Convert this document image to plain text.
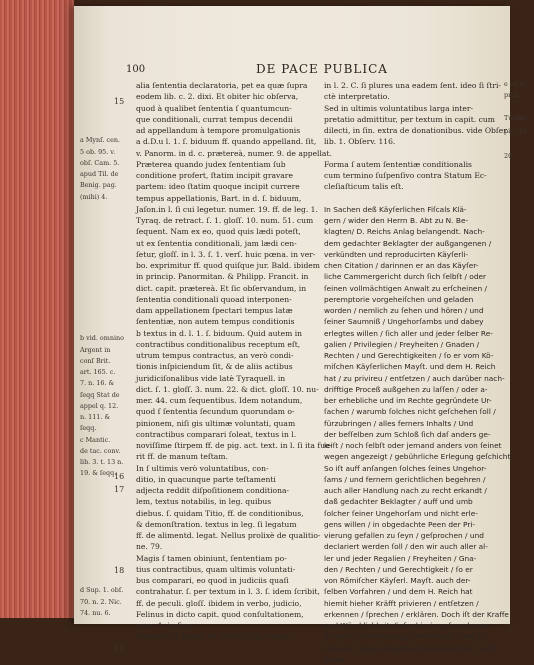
100	DE PACE PUBLICA
alia ſententia declaratoria, pet ea quæ ſupra
eodem lib. c. 2. dixi. Et obiter hic obſerva,
quod à qualibet ſententia ſ quantumcun-
que conditionali, currat tempus decendii
ad appellandum à tempore promulgationis
a d.D.u l. 1. ſ. biduum ff. quando appelland. ſit,
v. Panorm. in d. c. prætereà, numer. 9. de appellat.
Præterea quando judex ſententiam ſub
conditione profert, ſtatim incipit gravare
partem: ideo ſtatim quoque incipit currere
tempus appellationis, Bart. in d. ſ. biduum,
Jaſon.in l. ſi cui legetur. numer. 19. ff. de leg. 1.
Tyraq. de retract. ſ. 1. gloſſ. 10. num. 51. cum
ſequent. Nam ex eo, quod quis lædi poteſt,
ut ex ſententia conditionali, jam lædi cen-
ſetur, gloſſ. in l. 3. ſ. 1. verſ. huic pœna. in ver-
bo. exprimitur ff. quod quiſque jur. Bald. ibidem
in princip. Panormitan. & Philipp. Francit. in
dict. capit. prætereà. Et ſic obſervandum, in
ſententia conditionali quoad interponen-
dam appellationem ſpectari tempus latæ
ſententiæ, non autem tempus conditionis
b textus in d. l. 1. ſ. biduum. Quid autem in
contractibus conditionalibus receptum eſt,
utrum tempus contractus, an verò condi-
tionis inſpiciendum ſit, & de aliis actibus
juridiciſonalibus vide latè Tyraquell. in
dict. ſ. 1. gloſſ. 3. num. 22. & dict. gloſſ. 10. nu-
mer. 44. cum ſequentibus. Idem notandum,
quod ſ ſententia ſecundum quorundam o-
pinionem, niſi gis ultimæ voluntati, quam
contractibus comparari ſoleat, textus in l.
noviſſime ſtirpem ff. de pig. act. text. in l. ſi ita fue-
rit ff. de manum teſtam.
In ſ ultimis verò voluntatibus, con-
ditio, in quacunque parte teſtamenti
adjecta reddit diſpoſitionem conditiona-
lem, textus notabilis, in leg. quibus
diebus. ſ. quidam Titio, ff. de conditionibus,
& demonſtration. textus in leg. ſi legatum
ff. de alimentd. legat. Nellus prolixè de qualitio-
ne. 79.
Magis ſ tamen obiniunt, ſententiam po-
tius contractibus, quam ultimis voluntati-
bus comparari, eo quod in judiciis quaſi
contrahatur. ſ. per textum in l. 3. ſ. idem ſcribit,
ff. de peculi. gloſſ. ibidem in verbo, judicio,
Felinus in dicto capit. quod conſultationem,
num. 1. in fine.
Sententia ſ autem eſt ſtricti juris, textus
in l. 2. C. ſi plures una eadem ſent. ideo ſi ſtri-
ctè interpretatio.
Sed in ultimis voluntatibus larga inter-
pretatio admittitur, per textum in capit. cum
dilecti, in ſin. extra de donationibus. vide Obſer.
lib. 1. Obſerv. 116.
Forma ſ autem ſententiæ conditionalis
cum termino ſuſpenſivo contra Statum Ec-
cleſiaſticum talis eſt.
In Sachen deß Käyſerlichen Fiſcals Klä-
gern / wider den Herrn B. Abt zu N. Be-
klagten/ D. Reichs Anlag belangendt. Nach-
dem gedachter Beklagter der außgangenen /
verkündten und reproducirten Käyſerli-
chen Citation / darinnen er an das Käyſer-
liche Cammergericht durch ſich ſelbſt / oder
ſeinen vollmächtigen Anwalt zu erſcheinen /
peremptorie vorgeheiſchen und geladen
worden / nemlich zu ſehen und hören / und
ſeiner Saumniß / Ungehorſambs und dabey
erlegtes willen / ſich aller und jeder ſelber Re-
galien / Privilegien / Freyheiten / Gnaden /
Rechten / und Gerechtigkeiten / ſo er vom Kö-
miſchen Käyſerlichen Mayſt. und dem H. Reich
hat / zu privireu / entſetzen / auch darüber nach-
drifftige Proceß außgehen zu laſſen / oder a-
ber erhebliche und im Rechte gegründete Ur-
ſachen / warumb ſolches nicht geſchehen ſoll /
fürzubringen / alles ferners Inhalts / Und
der beſſelben zum Schloß ſich daſ anders ge-
leiſt / noch ſelbſt oder jemand anders von ſeinet
wegen angezeigt / gebührliche Erlegung geſchicht:
So iſt auff anſangen ſolches ſeines Ungehor-
ſams / und fernern gerichtlichen begehren /
auch aller Handlung nach zu recht erkandt /
daß gedachter Beklagter / auff und umb
ſolcher ſeiner Ungehorſam und nicht erle-
gens willen / in obgedachte Peen der Pri-
vierung gefallen zu ſeyn / geſprochen / und
declariert werden ſoll / den wir auch aller al-
ler und jeder Regalien / Freyheiten / Gna-
den / Rechten / und Gerechtigkeit / ſo er
von Römiſcher Käyſerl. Mayſt. auch der-
ſelben Vorfahren / und dem H. Reich hat
hiemit hieher Kräfft privieren / entſetzen /
erkennen / ſprechen / erklären. Doch iſt der Kraffe
und Würcklichkeit dieſer hierin geſprochener
Privation / Entſetzung / Erkendtnuß / und Er-
klärung / gegen obgedachten Beklagten / auff
ſechs
a Mynſ. cen.
5 ob. 95. v.
obſ. Cam. 5.
apud Til. de
Benig. pag.
(mihi) 4.
b vid. omnino
Argent in
conſ Brit.
art. 165. c.
7. n. 16. &
ſeqq Stat de
appel q. 12.
n. 111. &
ſeqq.
c Mantic.
de tac. conv.
lib. 3. t. 13 n.
19. & ſeqq.
d Sup. 1. obſ.
70. n. 2. Nic.
74. nu. 6.
15
16
17
18
19
e ex iti
prou.
Turtan.
pin. 18.
20
